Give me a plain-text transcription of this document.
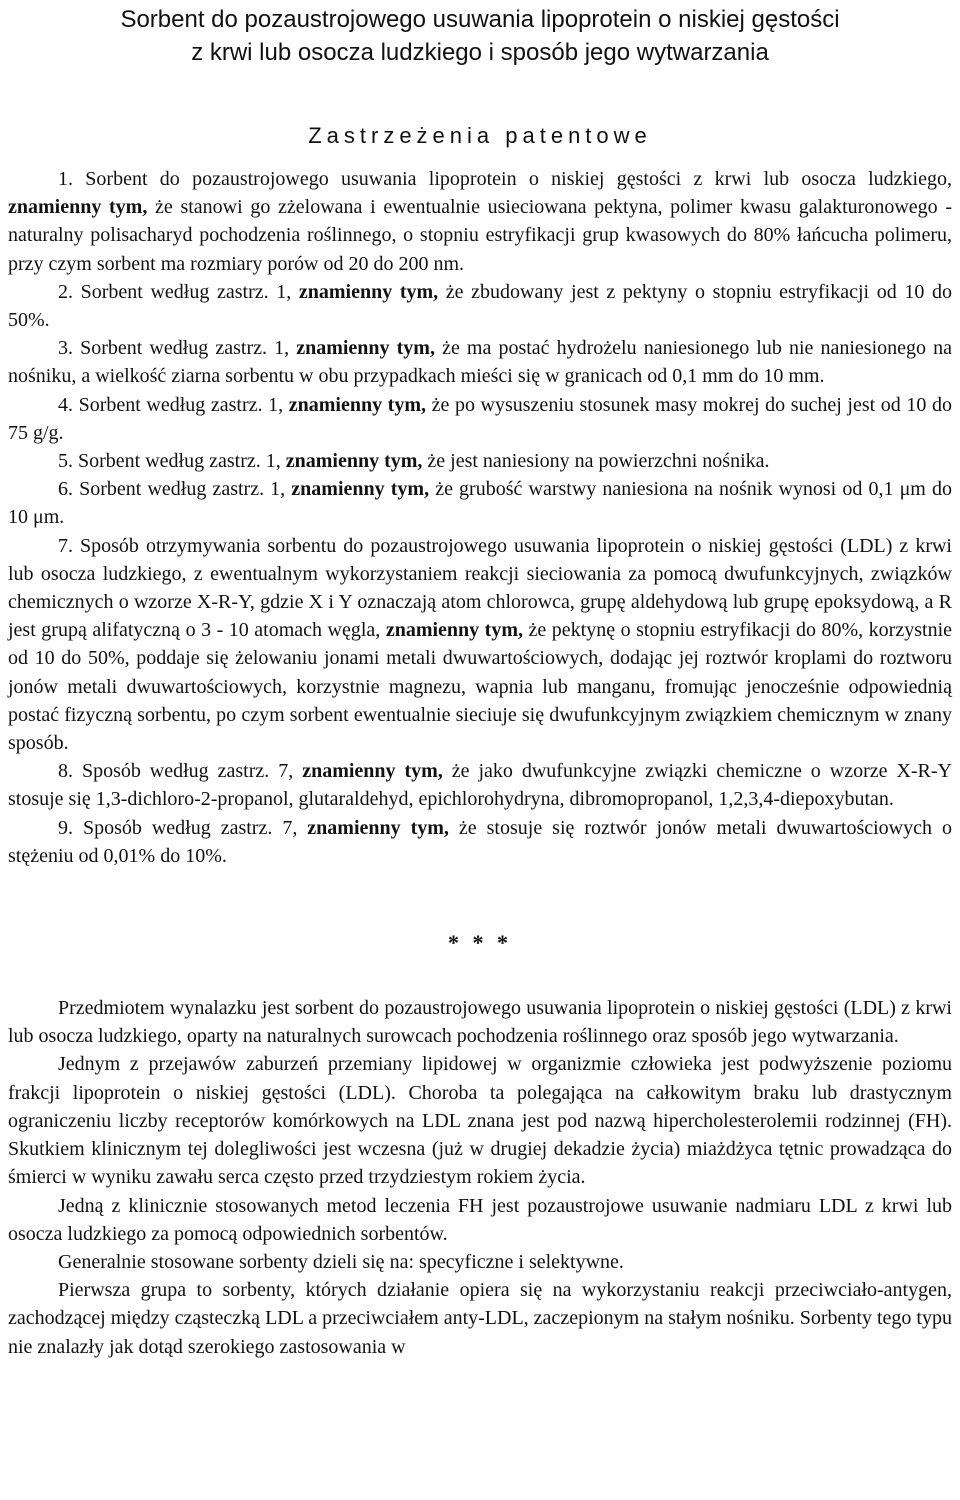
Sorbent do pozaustrojowego usuwania lipoprotein o niskiej gęstości
z krwi lub osocza ludzkiego i sposób jego wytwarzania
Zastrzeżenia patentowe

1. Sorbent do pozaustrojowego usuwania lipoprotein o niskiej gęstości z krwi lub osocza ludzkiego, znamienny tym, że stanowi go zżelowana i ewentualnie usieciowana pektyna, polimer kwasu galakturonowego - naturalny polisacharyd pochodzenia roślinnego, o stopniu estryfikacji grup kwasowych do 80% łańcucha polimeru, przy czym sorbent ma rozmiary porów od 20 do 200 nm.

2. Sorbent według zastrz. 1, znamienny tym, że zbudowany jest z pektyny o stopniu estryfikacji od 10 do 50%.

3. Sorbent według zastrz. 1, znamienny tym, że ma postać hydrożelu naniesionego lub nie naniesionego na nośniku, a wielkość ziarna sorbentu w obu przypadkach mieści się w granicach od 0,1 mm do 10 mm.

4. Sorbent według zastrz. 1, znamienny tym, że po wysuszeniu stosunek masy mokrej do suchej jest od 10 do 75 g/g.

5. Sorbent według zastrz. 1, znamienny tym, że jest naniesiony na powierzchni nośnika.

6. Sorbent według zastrz. 1, znamienny tym, że grubość warstwy naniesiona na nośnik wynosi od 0,1 μm do 10 μm.

7. Sposób otrzymywania sorbentu do pozaustrojowego usuwania lipoprotein o niskiej gęstości (LDL) z krwi lub osocza ludzkiego, z ewentualnym wykorzystaniem reakcji sieciowania za pomocą dwufunkcyjnych, związków chemicznych o wzorze X-R-Y, gdzie X i Y oznaczają atom chlorowca, grupę aldehydową lub grupę epoksydową, a R jest grupą alifatyczną o 3 - 10 atomach węgla, znamienny tym, że pektynę o stopniu estryfikacji do 80%, korzystnie od 10 do 50%, poddaje się żelowaniu jonami metali dwuwartościowych, dodając jej roztwór kroplami do roztworu jonów metali dwuwartościowych, korzystnie magnezu, wapnia lub manganu, fromując jenocześnie odpowiednią postać fizyczną sorbentu, po czym sorbent ewentualnie sieciuje się dwufunkcyjnym związkiem chemicznym w znany sposób.

8. Sposób według zastrz. 7, znamienny tym, że jako dwufunkcyjne związki chemiczne o wzorze X-R-Y stosuje się 1,3-dichloro-2-propanol, glutaraldehyd, epichlorohydryna, dibromopropanol, 1,2,3,4-diepoxybutan.

9. Sposób według zastrz. 7, znamienny tym, że stosuje się roztwór jonów metali dwuwartościowych o stężeniu od 0,01% do 10%.

* * *

Przedmiotem wynalazku jest sorbent do pozaustrojowego usuwania lipoprotein o niskiej gęstości (LDL) z krwi lub osocza ludzkiego, oparty na naturalnych surowcach pochodzenia roślinnego oraz sposób jego wytwarzania.

Jednym z przejawów zaburzeń przemiany lipidowej w organizmie człowieka jest podwyższenie poziomu frakcji lipoprotein o niskiej gęstości (LDL). Choroba ta polegająca na całkowitym braku lub drastycznym ograniczeniu liczby receptorów komórkowych na LDL znana jest pod nazwą hipercholesterolemii rodzinnej (FH). Skutkiem klinicznym tej dolegliwości jest wczesna (już w drugiej dekadzie życia) miażdżyca tętnic prowadząca do śmierci w wyniku zawału serca często przed trzydziestym rokiem życia.

Jedną z klinicznie stosowanych metod leczenia FH jest pozaustrojowe usuwanie nadmiaru LDL z krwi lub osocza ludzkiego za pomocą odpowiednich sorbentów.

Generalnie stosowane sorbenty dzieli się na: specyficzne i selektywne.

Pierwsza grupa to sorbenty, których działanie opiera się na wykorzystaniu reakcji przeciwciało-antygen, zachodzącej między cząsteczką LDL a przeciwciałem anty-LDL, zaczepionym na stałym nośniku. Sorbenty tego typu nie znalazły jak dotąd szerokiego zastosowania w
